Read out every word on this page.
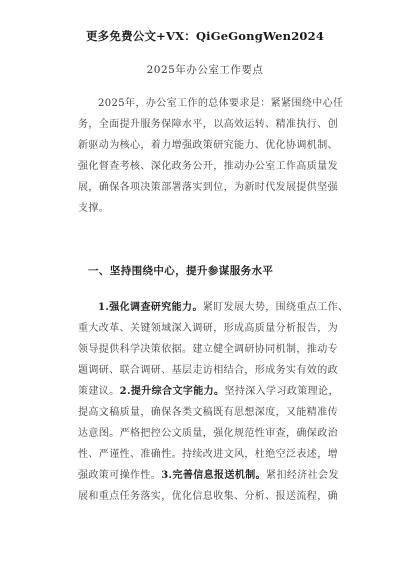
更多免费公文+VX：QiGeGongWen2024
2025年办公室工作要点
2025年，办公室工作的总体要求是：紧紧围绕中心任
务，全面提升服务保障水平，以高效运转、精准执行、创
新驱动为核心，着力增强政策研究能力、优化协调机制、
强化督查考核、深化政务公开，推动办公室工作高质量发
展，确保各项决策部署落实到位，为新时代发展提供坚强
支撑。
一、坚持围绕中心，提升参谋服务水平
1.强化调查研究能力。紧盯发展大势，围绕重点工作、
重大改革、关键领域深入调研，形成高质量分析报告，为
领导提供科学决策依据。建立健全调研协同机制，推动专
题调研、联合调研、基层走访相结合，形成务实有效的政
策建议。2.提升综合文字能力。坚持深入学习政策理论，
提高文稿质量，确保各类文稿既有思想深度，又能精准传
达意图。严格把控公文质量，强化规范性审查，确保政治
性、严谨性、准确性。持续改进文风，杜绝空泛表述，增
强政策可操作性。3.完善信息报送机制。紧扣经济社会发
展和重点任务落实，优化信息收集、分析、报送流程，确
